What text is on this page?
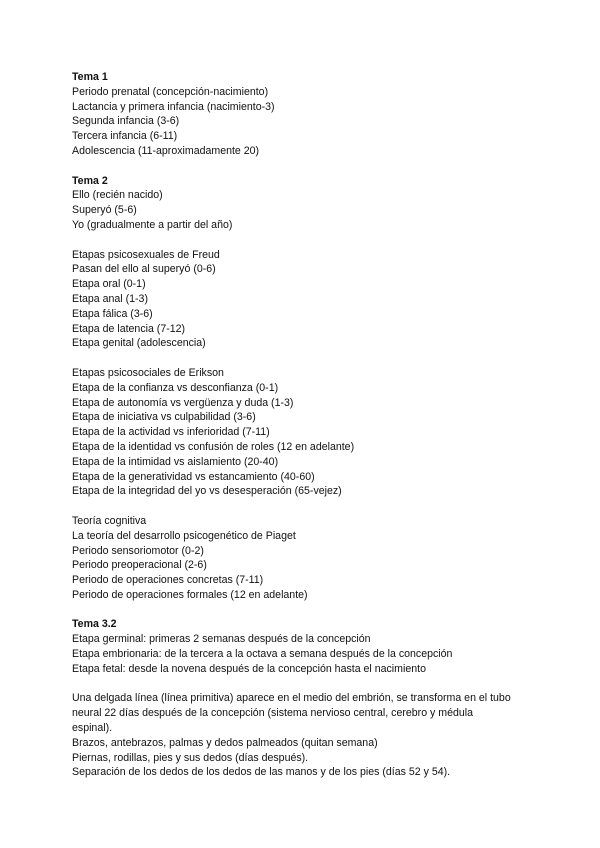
Tema 1
Periodo prenatal (concepción-nacimiento)
Lactancia y primera infancia (nacimiento-3)
Segunda infancia (3-6)
Tercera infancia (6-11)
Adolescencia (11-aproximadamente 20)
Tema 2
Ello (recién nacido)
Superyó (5-6)
Yo (gradualmente a partir del año)
Etapas psicosexuales de Freud
Pasan del ello al superyó (0-6)
Etapa oral (0-1)
Etapa anal (1-3)
Etapa fálica (3-6)
Etapa de latencia (7-12)
Etapa genital (adolescencia)
Etapas psicosociales de Erikson
Etapa de la confianza vs desconfianza (0-1)
Etapa de autonomía vs vergüenza y duda (1-3)
Etapa de iniciativa vs culpabilidad (3-6)
Etapa de la actividad vs inferioridad (7-11)
Etapa de la identidad vs confusión de roles (12 en adelante)
Etapa de la intimidad vs aislamiento (20-40)
Etapa de la generatividad vs estancamiento (40-60)
Etapa de la integridad del yo vs desesperación (65-vejez)
Teoría cognitiva
La teoría del desarrollo psicogenético de Piaget
Periodo sensoriomotor (0-2)
Periodo preoperacional (2-6)
Periodo de operaciones concretas (7-11)
Periodo de operaciones formales (12 en adelante)
Tema 3.2
Etapa germinal: primeras 2 semanas después de la concepción
Etapa embrionaria: de la tercera a la octava a semana después de la concepción
Etapa fetal: desde la novena después de la concepción hasta el nacimiento
Una delgada línea (línea primitiva) aparece en el medio del embrión, se transforma en el tubo neural 22 días después de la concepción (sistema nervioso central, cerebro y médula espinal).
Brazos, antebrazos, palmas y dedos palmeados (quitan semana)
Piernas, rodillas, pies y sus dedos (días después).
Separación de los dedos de los dedos de las manos y de los pies (días 52 y 54).
